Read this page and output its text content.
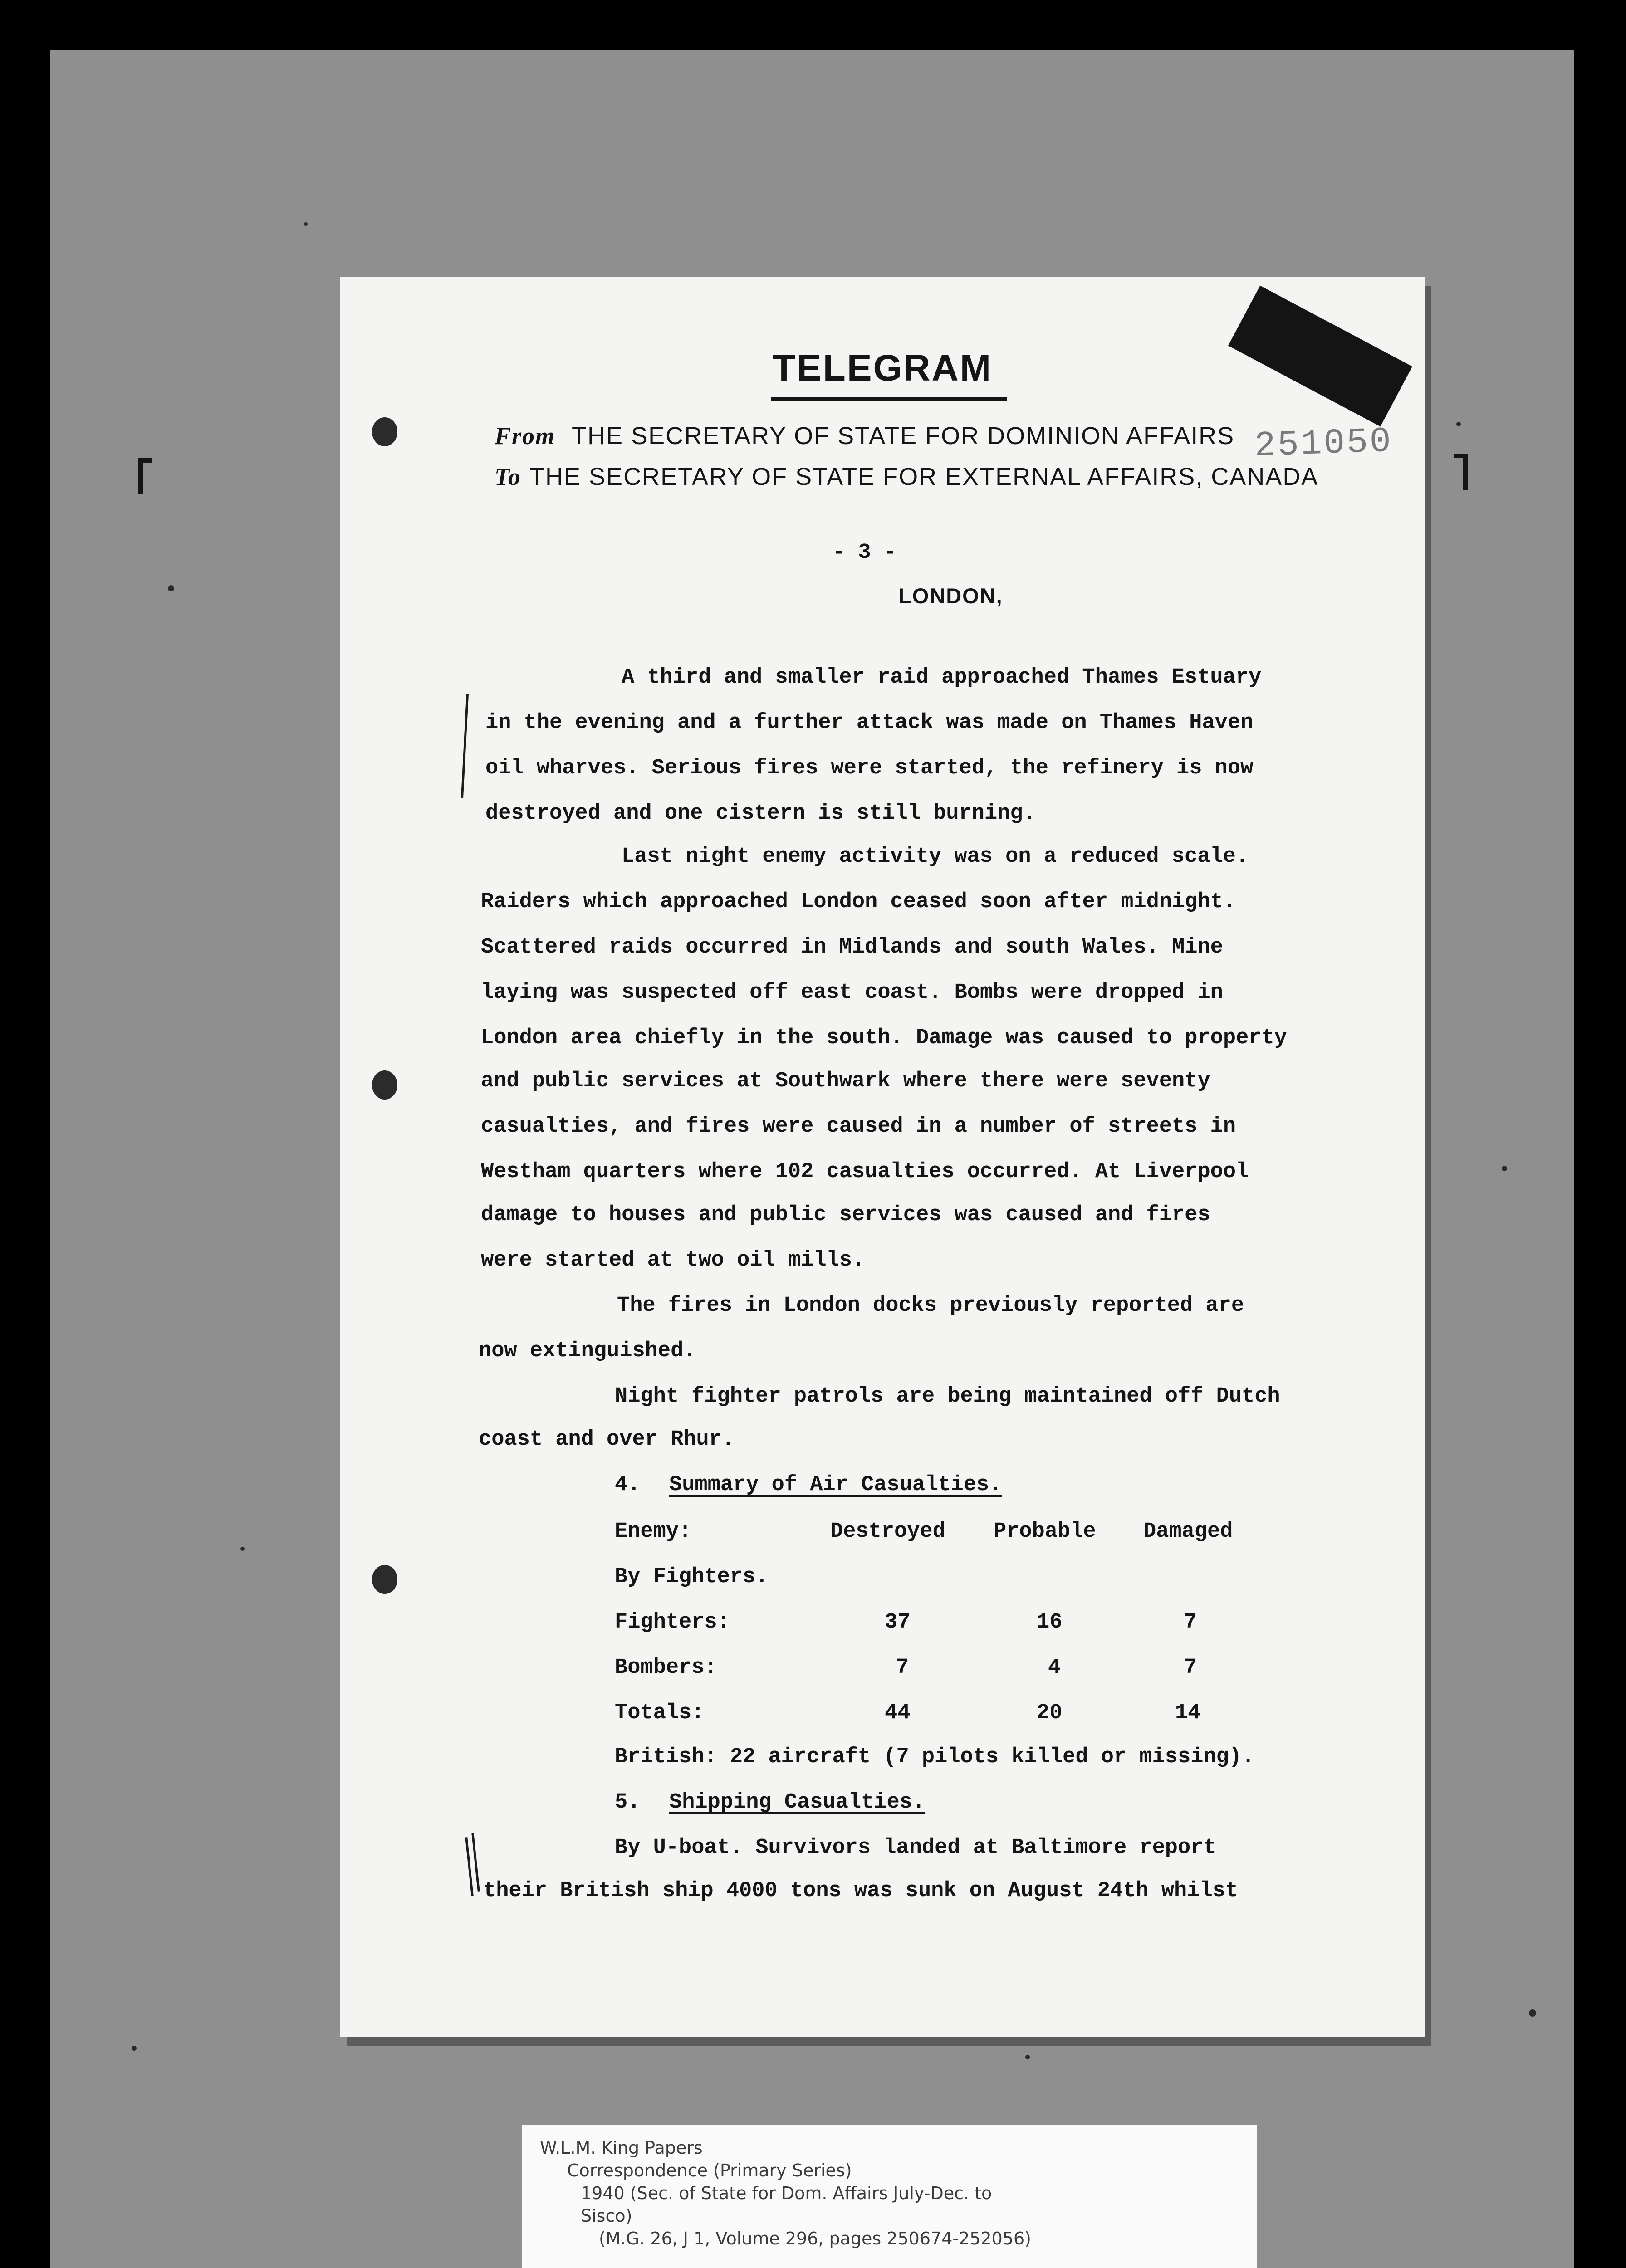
TELEGRAM
From THE SECRETARY OF STATE FOR DOMINION AFFAIRS
To THE SECRETARY OF STATE FOR EXTERNAL AFFAIRS, CANADA
251050
- 3 -
LONDON,
A third and smaller raid approached Thames Estuary
in the evening and a further attack was made on Thames Haven
oil wharves. Serious fires were started, the refinery is now
destroyed and one cistern is still burning.
Last night enemy activity was on a reduced scale.
Raiders which approached London ceased soon after midnight.
Scattered raids occurred in Midlands and south Wales. Mine
laying was suspected off east coast. Bombs were dropped in
London area chiefly in the south. Damage was caused to property
and public services at Southwark where there were seventy
casualties, and fires were caused in a number of streets in
Westham quarters where 102 casualties occurred. At Liverpool
damage to houses and public services was caused and fires
were started at two oil mills.
The fires in London docks previously reported are
now extinguished.
Night fighter patrols are being maintained off Dutch
coast and over Rhur.
4. Summary of Air Casualties.
Enemy:	Destroyed Probable Damaged
By Fighters.
Fighters:	37	16	7
Bombers:	7	4	7
Totals:	44	20	14
British: 22 aircraft (7 pilots killed or missing).
5. Shipping Casualties.
By U-boat. Survivors landed at Baltimore report
their British ship 4000 tons was sunk on August 24th whilst
W.L.M. King Papers
Correspondence (Primary Series)
1940 (Sec. of State for Dom. Affairs July-Dec. to
Sisco)
(M.G. 26, J 1, Volume 296, pages 250674-252056)
